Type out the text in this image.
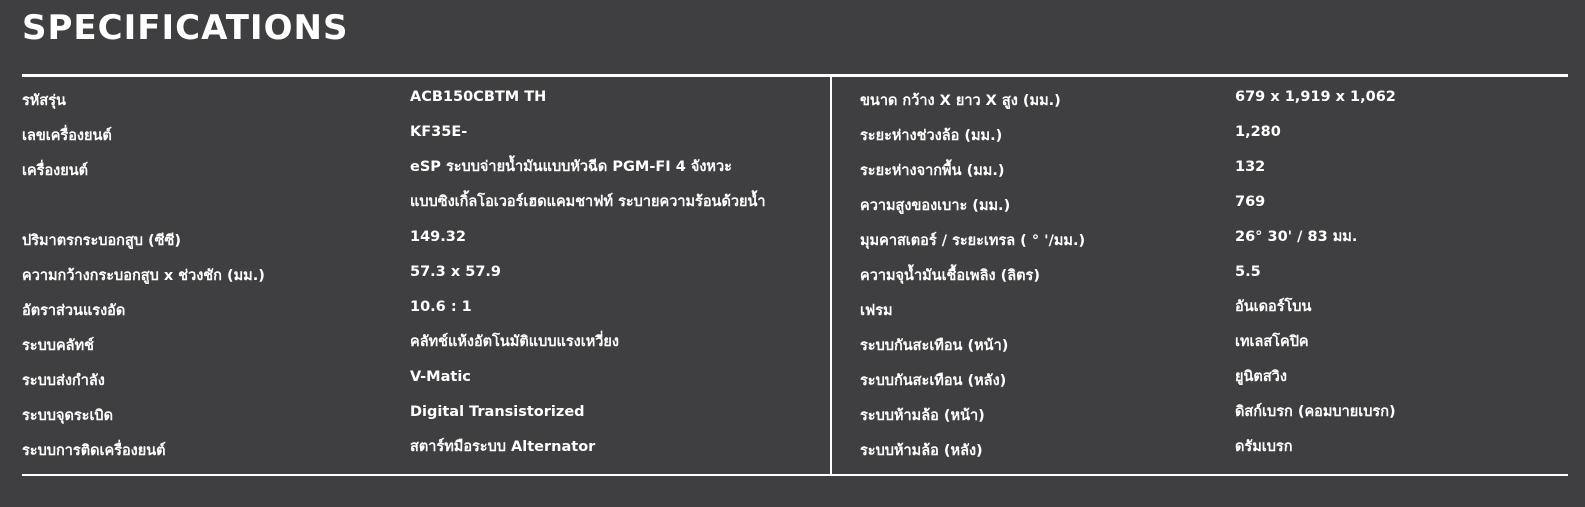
SPECIFICATIONS
รหัสรุ่น	ACB150CBTM TH
เลขเครื่องยนต์	KF35E-
เครื่องยนต์	eSP ระบบจ่ายน้ำมันแบบหัวฉีด PGM-FI 4 จังหวะ
แบบซิงเกิ้ลโอเวอร์เฮดแคมชาฟท์ ระบายความร้อนด้วยน้ำ
ปริมาตรกระบอกสูบ (ซีซี)	149.32
ความกว้างกระบอกสูบ x ช่วงชัก (มม.)	57.3 x 57.9
อัตราส่วนแรงอัด	10.6 : 1
ระบบคลัทช์	คลัทช์แห้งอัตโนมัติแบบแรงเหวี่ยง
ระบบส่งกำลัง	V-Matic
ระบบจุดระเบิด	Digital Transistorized
ระบบการติดเครื่องยนต์	สตาร์ทมือระบบ Alternator
ขนาด กว้าง X ยาว X สูง (มม.)	679 x 1,919 x 1,062
ระยะห่างช่วงล้อ (มม.)	1,280
ระยะห่างจากพื้น (มม.)	132
ความสูงของเบาะ (มม.)	769
มุมคาสเตอร์ / ระยะเทรล ( ° '/มม.)	26° 30' / 83 มม.
ความจุน้ำมันเชื้อเพลิง (ลิตร)	5.5
เฟรม	อันเดอร์โบน
ระบบกันสะเทือน (หน้า)	เทเลสโคปิค
ระบบกันสะเทือน (หลัง)	ยูนิตสวิง
ระบบห้ามล้อ (หน้า)	ดิสก์เบรก (คอมบายเบรก)
ระบบห้ามล้อ (หลัง)	ดรัมเบรก
